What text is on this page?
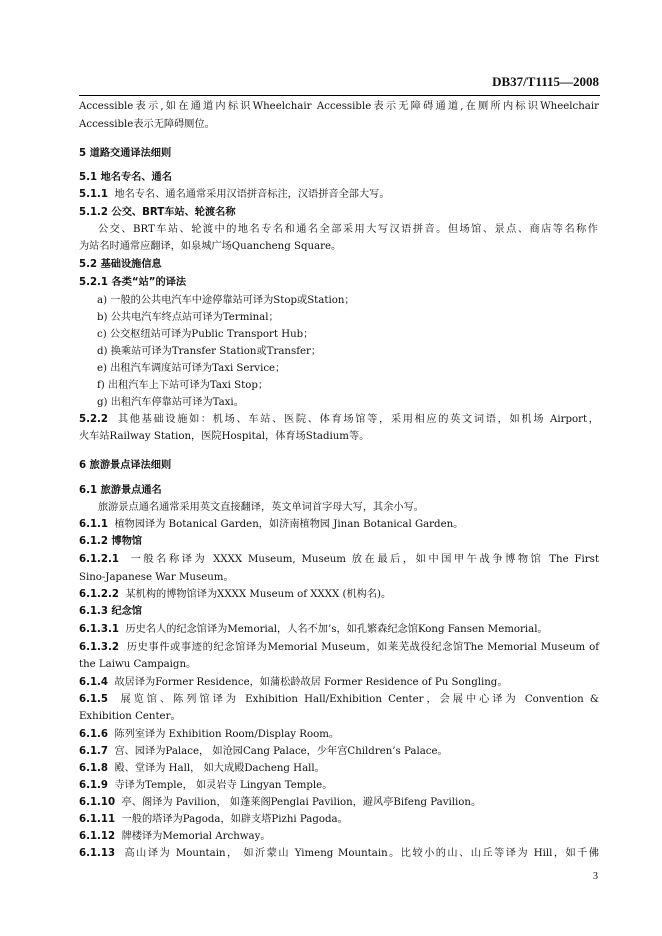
DB37/T1115—2008
Accessible表示,如在通道内标识Wheelchair Accessible表示无障碍通道,在厕所内标识Wheelchair
Accessible表示无障碍厕位。
5 道路交通译法细则
5.1 地名专名、通名
5.1.1 地名专名、通名通常采用汉语拼音标注，汉语拼音全部大写。
5.1.2 公交、BRT车站、轮渡名称
公交、BRT车站、轮渡中的地名专名和通名全部采用大写汉语拼音。但场馆、景点、商店等名称作
为站名时通常应翻译，如泉城广场Quancheng Square。
5.2 基础设施信息
5.2.1 各类“站”的译法
a) 一般的公共电汽车中途停靠站可译为Stop或Station；
b) 公共电汽车终点站可译为Terminal；
c) 公交枢纽站可译为Public Transport Hub；
d) 换乘站可译为Transfer Station或Transfer；
e) 出租汽车调度站可译为Taxi Service；
f) 出租汽车上下站可译为Taxi Stop；
g) 出租汽车停靠站可译为Taxi。
5.2.2 其他基础设施如：机场、车站、医院、体育场馆等，采用相应的英文词语，如机场 Airport，
火车站Railway Station，医院Hospital，体育场Stadium等。
6 旅游景点译法细则
6.1 旅游景点通名
旅游景点通名通常采用英文直接翻译，英文单词首字母大写，其余小写。
6.1.1 植物园译为 Botanical Garden，如济南植物园 Jinan Botanical Garden。
6.1.2 博物馆
6.1.2.1 一般名称译为 XXXX Museum, Museum 放在最后，如中国甲午战争博物馆 The First
Sino-Japanese War Museum。
6.1.2.2 某机构的博物馆译为XXXX Museum of XXXX (机构名)。
6.1.3 纪念馆
6.1.3.1 历史名人的纪念馆译为Memorial，人名不加’s，如孔繁森纪念馆Kong Fansen Memorial。
6.1.3.2 历史事件或事迹的纪念馆译为Memorial Museum，如莱芜战役纪念馆The Memorial Museum of
the Laiwu Campaign。
6.1.4 故居译为Former Residence，如蒲松龄故居 Former Residence of Pu Songling。
6.1.5 展览馆、陈列馆译为 Exhibition Hall/Exhibition Center，会展中心译为 Convention &
Exhibition Center。
6.1.6 陈列室译为 Exhibition Room/Display Room。
6.1.7 宫、园译为Palace， 如沧园Cang Palace，少年宫Children’s Palace。
6.1.8 殿、堂译为 Hall， 如大成殿Dacheng Hall。
6.1.9 寺译为Temple， 如灵岩寺 Lingyan Temple。
6.1.10 亭、阁译为 Pavilion， 如蓬莱阁Penglai Pavilion，避风亭Bifeng Pavilion。
6.1.11 一般的塔译为Pagoda，如辟支塔Pizhi Pagoda。
6.1.12 牌楼译为Memorial Archway。
6.1.13 高山译为 Mountain， 如沂蒙山 Yimeng Mountain。比较小的山、山丘等译为 Hill，如千佛
3
